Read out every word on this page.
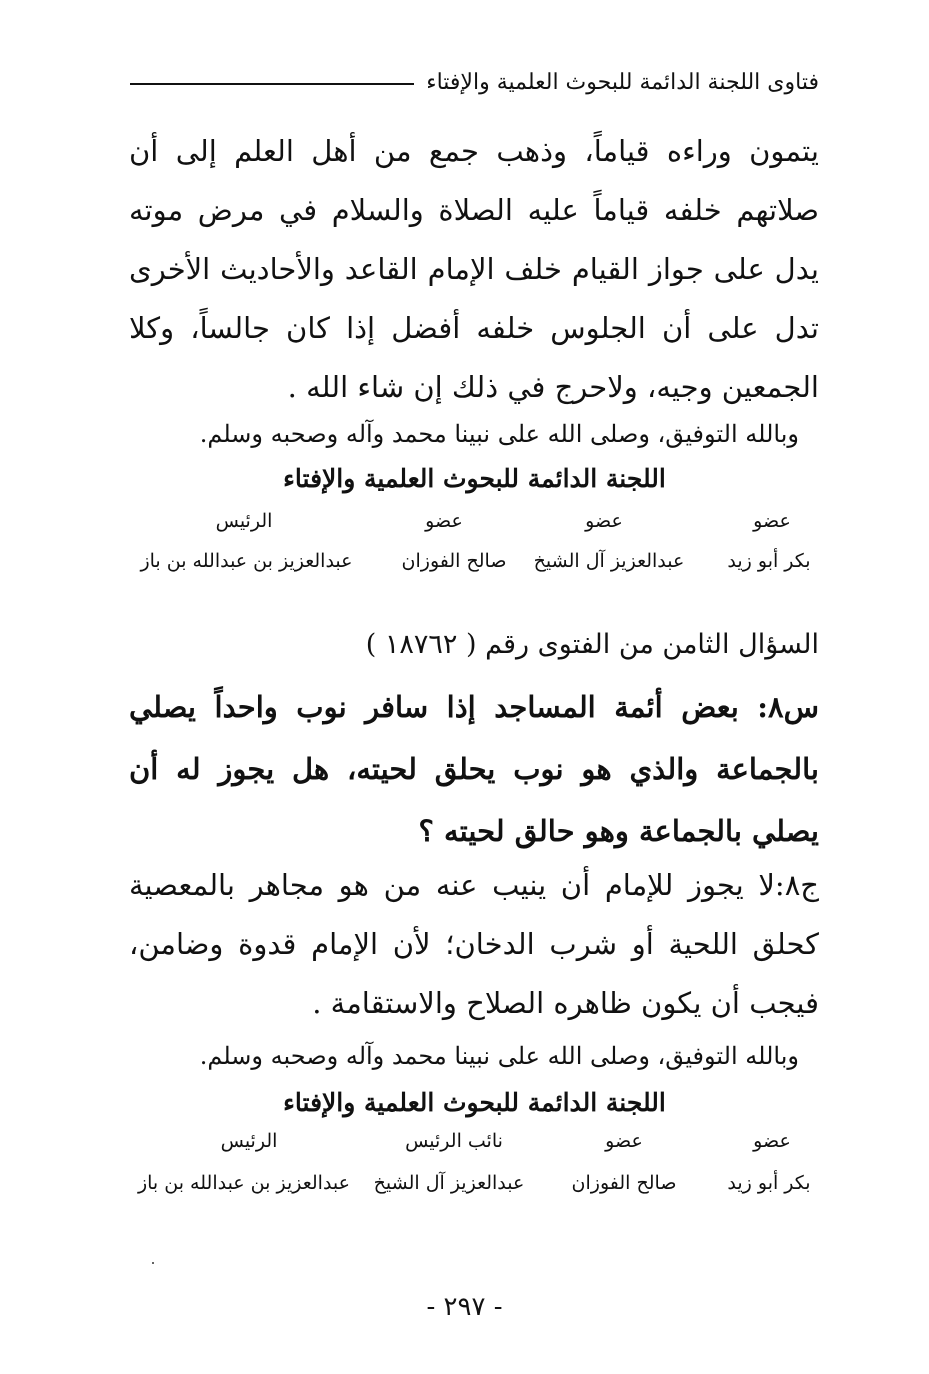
فتاوى اللجنة الدائمة للبحوث العلمية والإفتاء
يتمون وراءه قياماً، وذهب جمع من أهل العلم إلى أن صلاتهم خلفه قياماً عليه الصلاة والسلام في مرض موته يدل على جواز القيام خلف الإمام القاعد والأحاديث الأخرى تدل على أن الجلوس خلفه أفضل إذا كان جالساً، وكلا الجمعين وجيه، ولاحرج في ذلك إن شاء الله .
وبالله التوفيق، وصلى الله على نبينا محمد وآله وصحبه وسلم.
اللجنة الدائمة للبحوث العلمية والإفتاء
عضو
عضو
عضو
الرئيس
بكر أبو زيد
عبدالعزيز آل الشيخ
صالح الفوزان
عبدالعزيز بن عبدالله بن باز
السؤال الثامن من الفتوى رقم ( ١٨٧٦٢ )
س٨: بعض أئمة المساجد إذا سافر نوب واحداً يصلي بالجماعة والذي هو نوب يحلق لحيته، هل يجوز له أن يصلي بالجماعة وهو حالق لحيته ؟
ج٨:لا يجوز للإمام أن ينيب عنه من هو مجاهر بالمعصية كحلق اللحية أو شرب الدخان؛ لأن الإمام قدوة وضامن، فيجب أن يكون ظاهره الصلاح والاستقامة .
وبالله التوفيق، وصلى الله على نبينا محمد وآله وصحبه وسلم.
اللجنة الدائمة للبحوث العلمية والإفتاء
عضو
عضو
نائب الرئيس
الرئيس
بكر أبو زيد
صالح الفوزان
عبدالعزيز آل الشيخ
عبدالعزيز بن عبدالله بن باز
- ٢٩٧ -
